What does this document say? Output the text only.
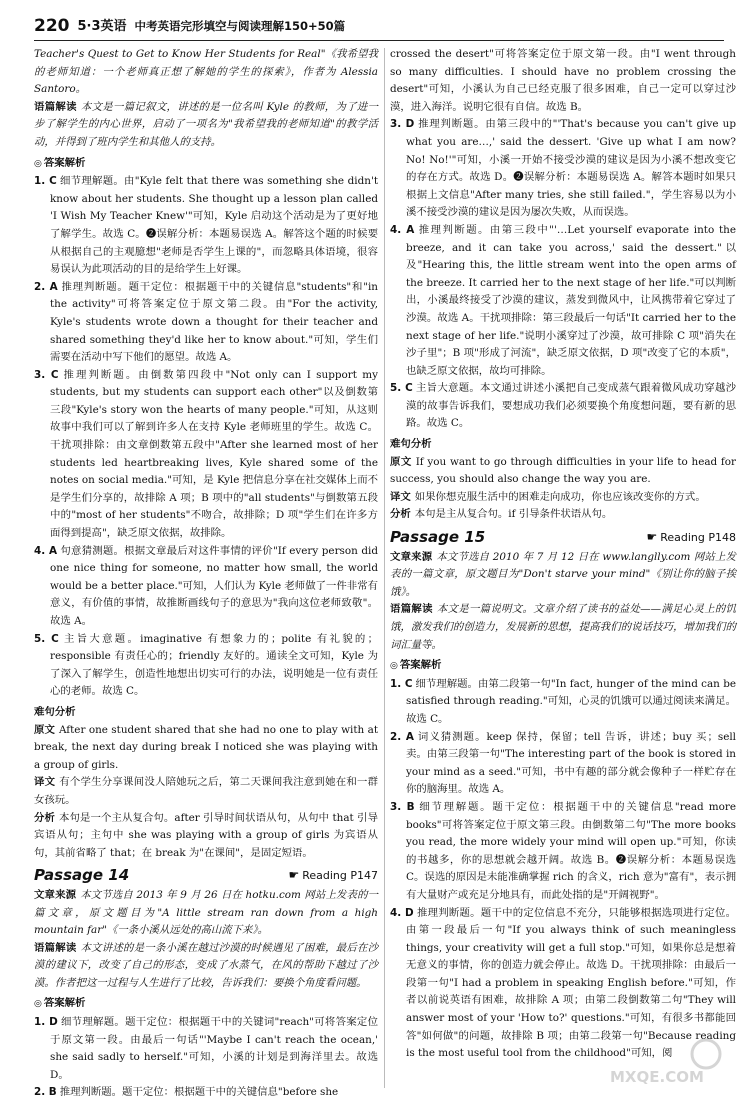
220 5·3英语 中考英语完形填空与阅读理解150+50篇

Teacher's Quest to Get to Know Her Students for Real"《我希望我的老师知道：一个老师真正想了解她的学生的探索》，作者为 Alessia Santoro。

语篇解读 本文是一篇记叙文，讲述的是一位名叫 Kyle 的教师，为了进一步了解学生的内心世界，启动了一项名为"我希望我的老师知道"的教学活动，并得到了班内学生和其他人的支持。

◎ 答案解析

1. C 细节理解题。由"Kyle felt that there was something she didn't know about her students. She thought up a lesson plan called 'I Wish My Teacher Knew'"可知，Kyle 启动这个活动是为了更好地了解学生。故选 C。❷误解分析：本题易误选 A。解答这个题的时候要从根据自己的主观臆想"老师是否学生上课的"，而忽略具体语境，很容易误认为此项活动的目的是给学生上好课。

2. A 推理判断题。题干定位：根据题干中的关键信息"students"和"in the activity"可将答案定位于原文第二段。由"For the activity, Kyle's students wrote down a thought for their teacher and shared something they'd like her to know about."可知，学生们需要在活动中写下他们的愿望。故选 A。

3. C 推理判断题。由倒数第四段中"Not only can I support my students, but my students can support each other"以及倒数第三段"Kyle's story won the hearts of many people."可知，从这则故事中我们可以了解到许多人在支持 Kyle 老师班里的学生。故选 C。干扰项排除：由文章倒数第五段中"After she learned most of her students led heartbreaking lives, Kyle shared some of the notes on social media."可知，是 Kyle 把信息分享在社交媒体上而不是学生们分享的，故排除 A 项；B 项中的"all students"与倒数第五段中的"most of her students"不吻合，故排除；D 项"学生们在许多方面得到提高"，缺乏原文依据，故排除。

4. A 句意猜测题。根据文章最后对这件事情的评价"If every person did one nice thing for someone, no matter how small, the world would be a better place."可知，人们认为 Kyle 老师做了一件非常有意义，有价值的事情，故推断画线句子的意思为"我向这位老师致敬"。故选 A。

5. C 主旨大意题。imaginative 有想象力的；polite 有礼貌的；responsible 有责任心的；friendly 友好的。通读全文可知，Kyle 为了深入了解学生，创造性地想出切实可行的办法，说明她是一位有责任心的老师。故选 C。

难句分析

原文 After one student shared that she had no one to play with at break, the next day during break I noticed she was playing with a group of girls.

译文 有个学生分享课间没人陪她玩之后，第二天课间我注意到她在和一群女孩玩。

分析 本句是一个主从复合句。after 引导时间状语从句，从句中 that 引导宾语从句；主句中 she was playing with a group of girls 为宾语从句，其前省略了 that；在 break 为"在课间"，是固定短语。

Passage 14	☛ Reading P147

文章来源 本文节选自 2013 年 9 月 26 日在 hotku.com 网站上发表的一篇文章，原文题目为"A little stream ran down from a high mountain far"《一条小溪从远处的高山流下来》。

语篇解读 本文讲述的是一条小溪在越过沙漠的时候遇见了困难，最后在沙漠的建议下，改变了自己的形态，变成了水蒸气，在风的帮助下越过了沙漠。作者把这一过程与人生进行了比较，告诉我们：要换个角度看问题。

◎ 答案解析

1. D 细节理解题。题干定位：根据题干中的关键词"reach"可将答案定位于原文第一段。由最后一句话"'Maybe I can't reach the ocean,' she said sadly to herself."可知，小溪的计划是到海洋里去。故选 D。

2. B 推理判断题。题干定位：根据题干中的关键信息"before she

crossed the desert"可将答案定位于原文第一段。由"I went through so many difficulties. I should have no problem crossing the desert"可知，小溪认为自己已经克服了很多困难，自己一定可以穿过沙漠，进入海洋。说明它很有自信。故选 B。

3. D 推理判断题。由第三段中的"'That's because you can't give up what you are…,' said the dessert. 'Give up what I am now? No! No!'"可知，小溪一开始不接受沙漠的建议是因为小溪不想改变它的存在方式。故选 D。❷误解分析：本题易误选 A。解答本题时如果只根据上文信息"After many tries, she still failed."，学生容易以为小溪不接受沙漠的建议是因为屡次失败，从而误选。

4. A 推理判断题。由第三段中"'…Let yourself evaporate into the breeze, and it can take you across,' said the dessert."以及"Hearing this, the little stream went into the open arms of the breeze. It carried her to the next stage of her life."可以判断出，小溪最终接受了沙漠的建议，蒸发到微风中，让风携带着它穿过了沙漠。故选 A。干扰项排除：第三段最后一句话"It carried her to the next stage of her life."说明小溪穿过了沙漠，故可排除 C 项"消失在沙子里"；B 项"形成了河流"，缺乏原文依据，D 项"改变了它的本质"，也缺乏原文依据，故均可排除。

5. C 主旨大意题。本文通过讲述小溪把自己变成蒸气跟着微风成功穿越沙漠的故事告诉我们，要想成功我们必须要换个角度想问题，要有新的思路。故选 C。

难句分析

原文 If you want to go through difficulties in your life to head for success, you should also change the way you are.

译文 如果你想克服生活中的困难走向成功，你也应该改变你的方式。

分析 本句是主从复合句。if 引导条件状语从句。

Passage 15	☛ Reading P148

文章来源 本文节选自 2010 年 7 月 12 日在 www.langlly.com 网站上发表的一篇文章，原文题目为"Don't starve your mind"《别让你的脑子挨饿》。

语篇解读 本文是一篇说明文。文章介绍了读书的益处——满足心灵上的饥饿，激发我们的创造力，发展新的思想，提高我们的说话技巧，增加我们的词汇量等。

◎ 答案解析

1. C 细节理解题。由第二段第一句"In fact, hunger of the mind can be satisfied through reading."可知，心灵的饥饿可以通过阅读来满足。故选 C。

2. A 词义猜测题。keep 保持，保留；tell 告诉，讲述；buy 买；sell 卖。由第三段第一句"The interesting part of the book is stored in your mind as a seed."可知，书中有趣的部分就会像种子一样贮存在你的脑海里。故选 A。

3. B 细节理解题。题干定位：根据题干中的关键信息"read more books"可将答案定位于原文第三段。由倒数第二句"The more books you read, the more widely your mind will open up."可知，你读的书越多，你的思想就会越开阔。故选 B。❷误解分析：本题易误选 C。误选的原因是未能准确掌握 rich 的含义，rich 意为"富有"，表示拥有大量财产或充足分地具有，而此处指的是"开阔视野"。

4. D 推理判断题。题干中的定位信息不充分，只能够根据选项进行定位。由第一段最后一句"If you always think of such meaningless things, your creativity will get a full stop."可知，如果你总是想着无意义的事情，你的创造力就会停止。故选 D。干扰项排除：由最后一段第一句"I had a problem in speaking English before."可知，作者以前说英语有困难，故排除 A 项；由第二段倒数第二句"They will answer most of your 'How to?' questions."可知，有很多书都能回答"如何做"的问题，故排除 B 项；由第二段第一句"Because reading is the most useful tool from the childhood"可知，阅

MXQE.COM
